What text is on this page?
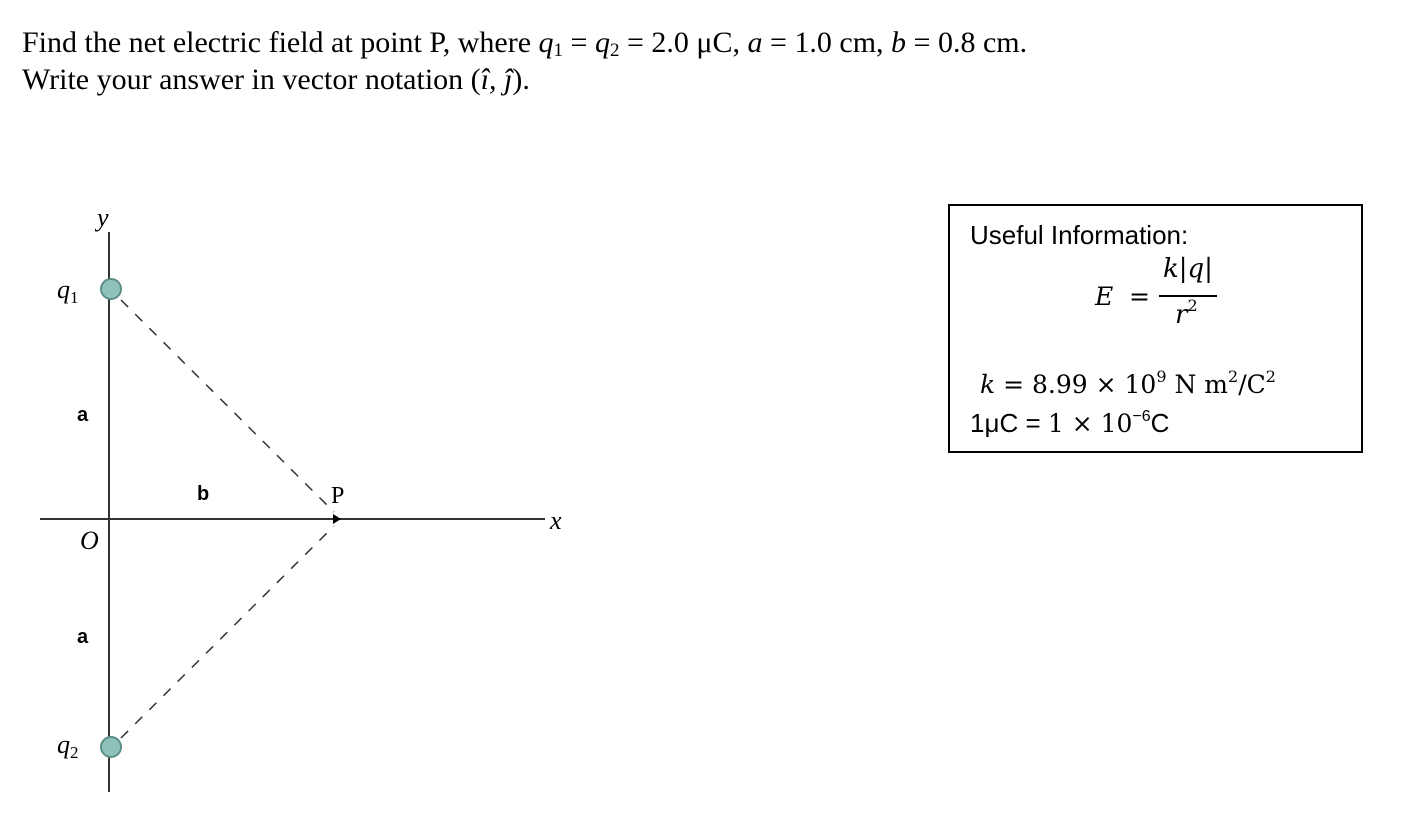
Find the net electric field at point P, where $q_1 = q_2 = 2.0$ μC, a = 1.0 cm, b = 0.8 cm.
Write your answer in vector notation (î, ĵ).
y
x
O
q1
q2
a
a
b	P
Useful Information:
E =
k|q|
$r^2$
$k = 8.99 \times 10^9$ N $m^2/C^2$
$1\mu C = 1 \times 10^{-6}C$
